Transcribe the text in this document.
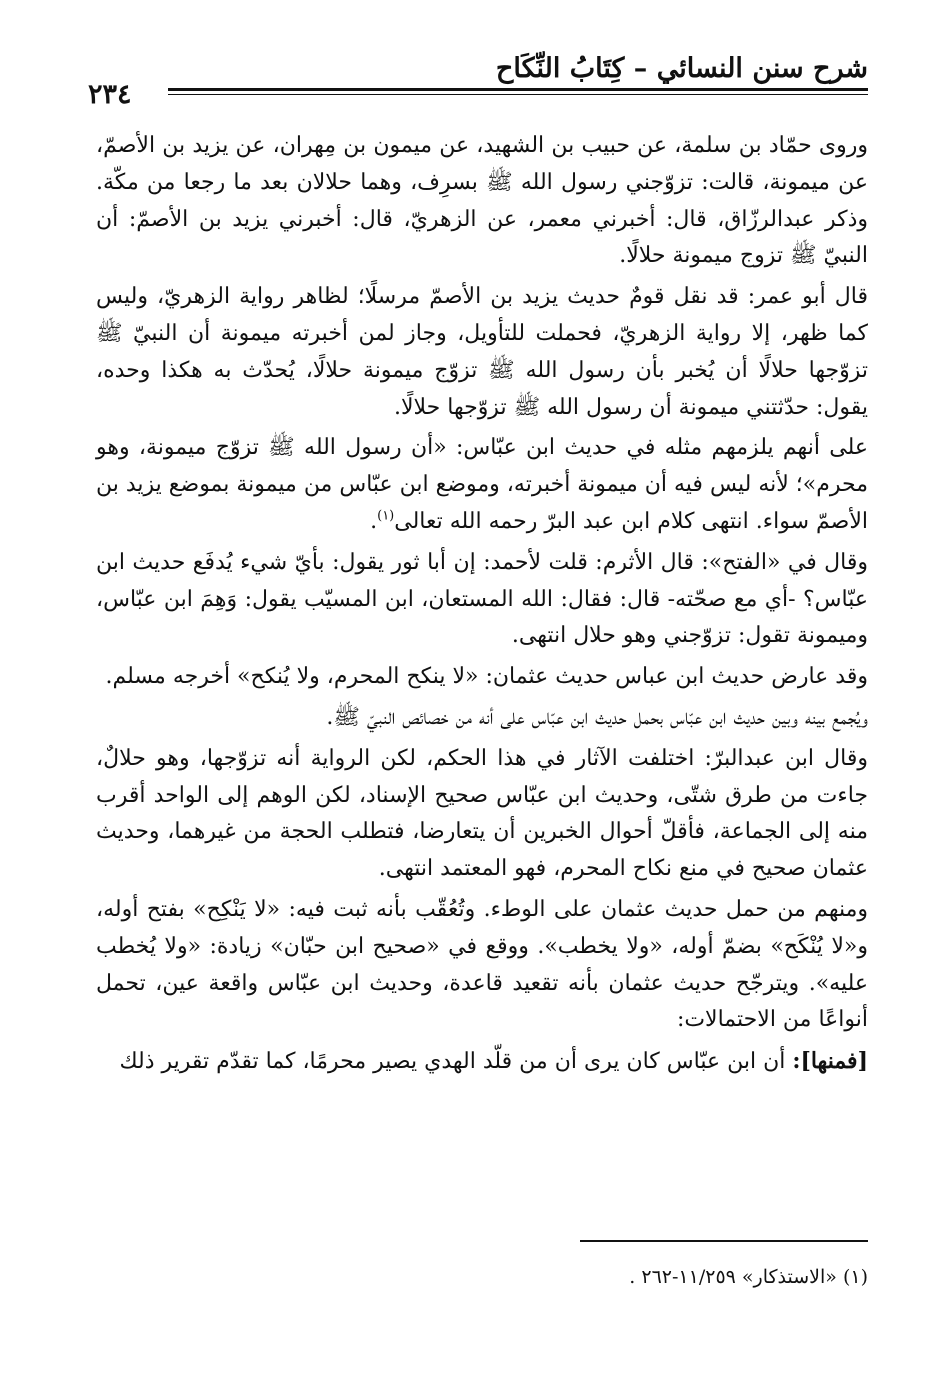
٢٣٤
شرح سنن النسائي – كِتَابُ النِّكَاح

وروى حمّاد بن سلمة، عن حبيب بن الشهيد، عن ميمون بن مِهران، عن يزيد بن الأصمّ، عن ميمونة، قالت: تزوّجني رسول الله ﷺ بسرِف، وهما حلالان بعد ما رجعا من مكّة. وذكر عبدالرزّاق، قال: أخبرني معمر، عن الزهريّ، قال: أخبرني يزيد بن الأصمّ: أن النبيّ ﷺ تزوج ميمونة حلالًا.

قال أبو عمر: قد نقل قومٌ حديث يزيد بن الأصمّ مرسلًا؛ لظاهر رواية الزهريّ، وليس كما ظهر، إلا رواية الزهريّ، فحملت للتأويل، وجاز لمن أخبرته ميمونة أن النبيّ ﷺ تزوّجها حلالًا أن يُخبر بأن رسول الله ﷺ تزوّج ميمونة حلالًا، يُحدّث به هكذا وحده، يقول: حدّثتني ميمونة أن رسول الله ﷺ تزوّجها حلالًا.

على أنهم يلزمهم مثله في حديث ابن عبّاس: «أن رسول الله ﷺ تزوّج ميمونة، وهو محرم»؛ لأنه ليس فيه أن ميمونة أخبرته، وموضع ابن عبّاس من ميمونة بموضع يزيد بن الأصمّ سواء. انتهى كلام ابن عبد البرّ رحمه الله تعالى$^{(١)}$.

وقال في «الفتح»: قال الأثرم: قلت لأحمد: إن أبا ثور يقول: بأيّ شيء يُدفَع حديث ابن عبّاس؟ -أي مع صحّته- قال: فقال: الله المستعان، ابن المسيّب يقول: وَهِمَ ابن عبّاس، وميمونة تقول: تزوّجني وهو حلال انتهى.

وقد عارض حديث ابن عباس حديث عثمان: «لا ينكح المحرم، ولا يُنكح» أخرجه مسلم.

ويُجمع بينه وبين حديث ابن عبّاس بحمل حديث ابن عبّاس على أنه من خصائص النبيّ ﷺ.

وقال ابن عبدالبرّ: اختلفت الآثار في هذا الحكم، لكن الرواية أنه تزوّجها، وهو حلالٌ، جاءت من طرق شتّى، وحديث ابن عبّاس صحيح الإسناد، لكن الوهم إلى الواحد أقرب منه إلى الجماعة، فأقلّ أحوال الخبرين أن يتعارضا، فتطلب الحجة من غيرهما، وحديث عثمان صحيح في منع نكاح المحرم، فهو المعتمد انتهى.

ومنهم من حمل حديث عثمان على الوطء. وتُعُقّب بأنه ثبت فيه: «لا يَنْكِح» بفتح أوله، و«لا يُنْكَح» بضمّ أوله، «ولا يخطب». ووقع في «صحيح ابن حبّان» زيادة: «ولا يُخطب عليه». ويترجّح حديث عثمان بأنه تقعيد قاعدة، وحديث ابن عبّاس واقعة عين، تحمل أنواعًا من الاحتمالات:

[فمنها]: أن ابن عبّاس كان يرى أن من قلّد الهدي يصير محرمًا، كما تقدّم تقرير ذلك

(١) «الاستذكار» ١١/٢٥٩-٢٦٢ .
